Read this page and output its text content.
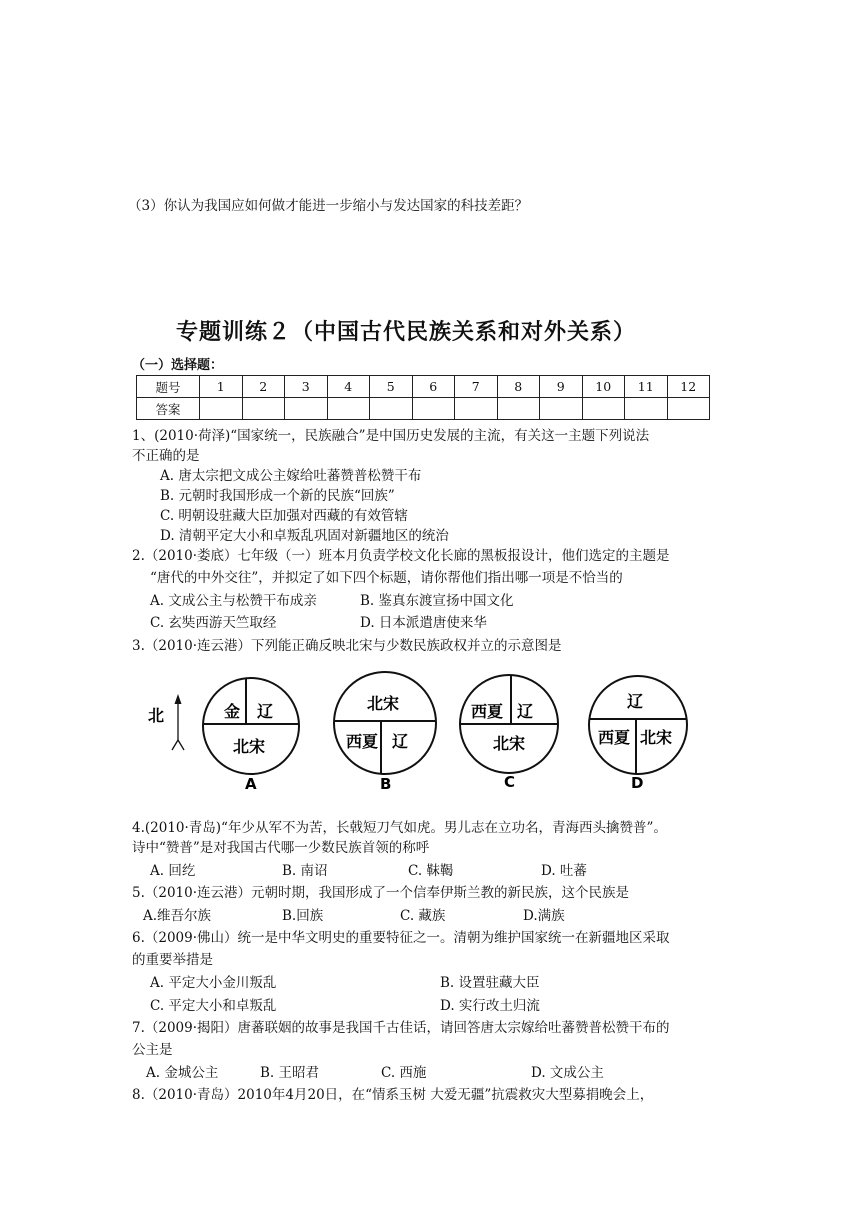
（3）你认为我国应如何做才能进一步缩小与发达国家的科技差距？
专题训练２（中国古代民族关系和对外关系）
（一）选择题：
题号	1	2	3	4	5	6	7	8	9	10	11	12
答案												
1、(2010·荷泽)“国家统一，民族融合”是中国历史发展的主流，有关这一主题下列说法
不正确的是
A. 唐太宗把文成公主嫁给吐蕃赞普松赞干布
B. 元朝时我国形成一个新的民族“回族”
C. 明朝设驻藏大臣加强对西藏的有效管辖
D. 清朝平定大小和卓叛乱巩固对新疆地区的统治
2.（2010·娄底）七年级（一）班本月负责学校文化长廊的黑板报设计，他们选定的主题是
“唐代的中外交往”，并拟定了如下四个标题，请你帮他们指出哪一项是不恰当的
A. 文成公主与松赞干布成亲	B. 鉴真东渡宣扬中国文化
C. 玄奘西游天竺取经	D. 日本派遣唐使来华
3.（2010·连云港）下列能正确反映北宋与少数民族政权并立的示意图是
北	金 辽
北宋
A
北宋
西夏 辽
B
西夏 辽
北宋
C
辽
西夏 北宋
D
4.(2010·青岛)“年少从军不为苦，长戟短刀气如虎。男儿志在立功名，青海西头擒赞普”。
诗中“赞普”是对我国古代哪一少数民族首领的称呼
A. 回纥	B. 南诏	C. 靺鞨	D. 吐蕃
5.（2010·连云港）元朝时期，我国形成了一个信奉伊斯兰教的新民族，这个民族是
A.维吾尔族	B.回族	C. 藏族	D.满族
6.（2009·佛山）统一是中华文明史的重要特征之一。清朝为维护国家统一在新疆地区采取
的重要举措是
A. 平定大小金川叛乱	B. 设置驻藏大臣
C. 平定大小和卓叛乱	D. 实行改土归流
7.（2009·揭阳）唐蕃联姻的故事是我国千古佳话，请回答唐太宗嫁给吐蕃赞普松赞干布的
公主是
A. 金城公主	B. 王昭君	C. 西施	D. 文成公主
8.（2010·青岛）2010年4月20日，在“情系玉树 大爱无疆”抗震救灾大型募捐晚会上，
